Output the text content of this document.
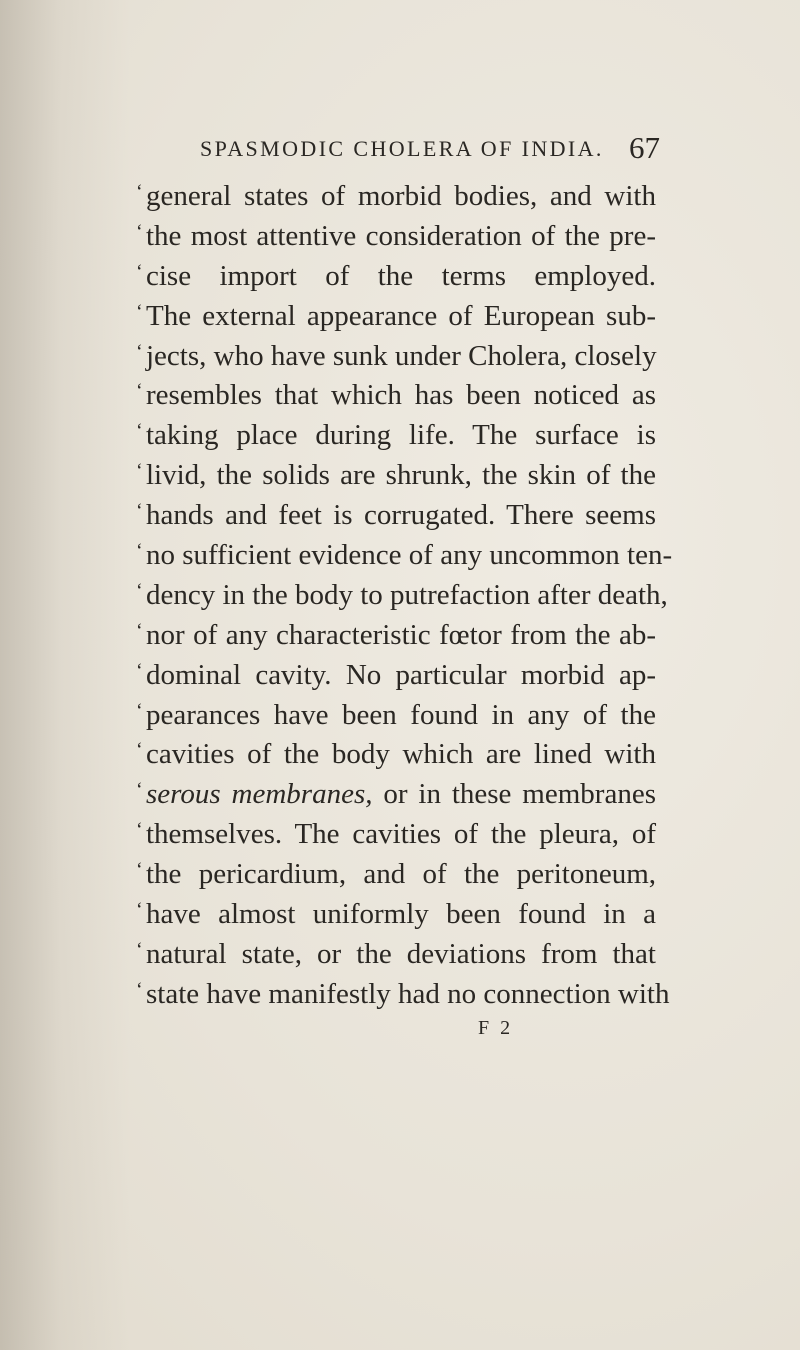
SPASMODIC CHOLERA OF INDIA. 67
‘ general states of morbid bodies, and with
‘ the most attentive consideration of the pre-
‘ cise import of the terms employed.
‘ The external appearance of European sub-
‘ jects, who have sunk under Cholera, closely
‘ resembles that which has been noticed as
‘ taking place during life. The surface is
‘ livid, the solids are shrunk, the skin of the
‘ hands and feet is corrugated. There seems
‘ no sufficient evidence of any uncommon ten-
‘ dency in the body to putrefaction after death,
‘ nor of any characteristic fœtor from the ab-
‘ dominal cavity. No particular morbid ap-
‘ pearances have been found in any of the
‘ cavities of the body which are lined with
‘ serous membranes, or in these membranes
‘ themselves. The cavities of the pleura, of
‘ the pericardium, and of the peritoneum,
‘ have almost uniformly been found in a
‘ natural state, or the deviations from that
‘ state have manifestly had no connection with
F 2
